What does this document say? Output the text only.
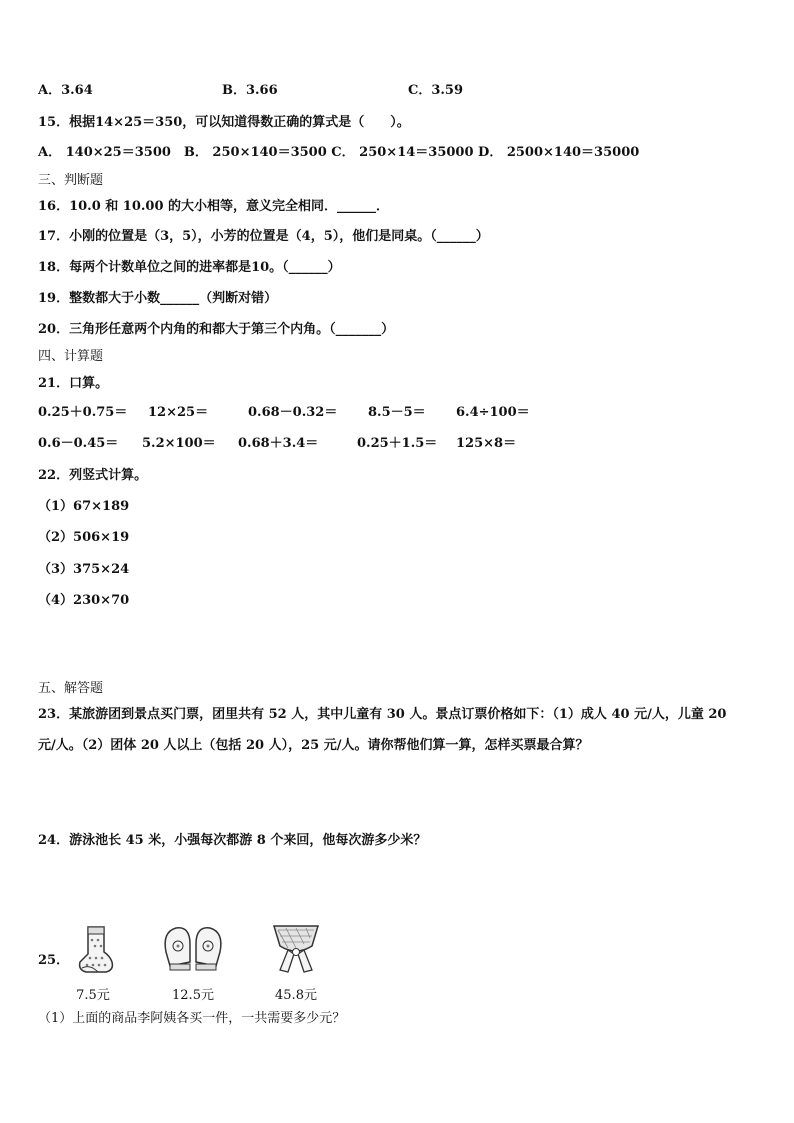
A．3.64	B．3.66	C．3.59
15．根据14×25＝350，可以知道得数正确的算式是（　　）。
A． 140×25＝3500　B． 250×140＝3500 C． 250×14＝35000 D． 2500×140＝35000
三、判断题
16．10.0 和 10.00 的大小相等，意义完全相同．______．
17．小刚的位置是（3，5），小芳的位置是（4，5），他们是同桌。（______）
18．每两个计数单位之间的进率都是10。（______）
19．整数都大于小数______（判断对错）
20．三角形任意两个内角的和都大于第三个内角。（_______）
四、计算题
21．口算。
0.25＋0.75＝ 12×25＝	0.68－0.32＝ 8.5－5＝ 6.4÷100＝
0.6－0.45＝ 5.2×100＝ 0.68＋3.4＝	0.25＋1.5＝ 125×8＝
22．列竖式计算。
（1）67×189
（2）506×19
（3）375×24
（4）230×70
五、解答题
23．某旅游团到景点买门票，团里共有 52 人，其中儿童有 30 人。景点订票价格如下：（1）成人 40 元/人，儿童 20
元/人。（2）团体 20 人以上（包括 20 人），25 元/人。请你帮他们算一算，怎样买票最合算？
24．游泳池长 45 米，小强每次都游 8 个来回，他每次游多少米？
25．
7.5元	12.5元	45.8元
（1）上面的商品李阿姨各买一件，一共需要多少元？
